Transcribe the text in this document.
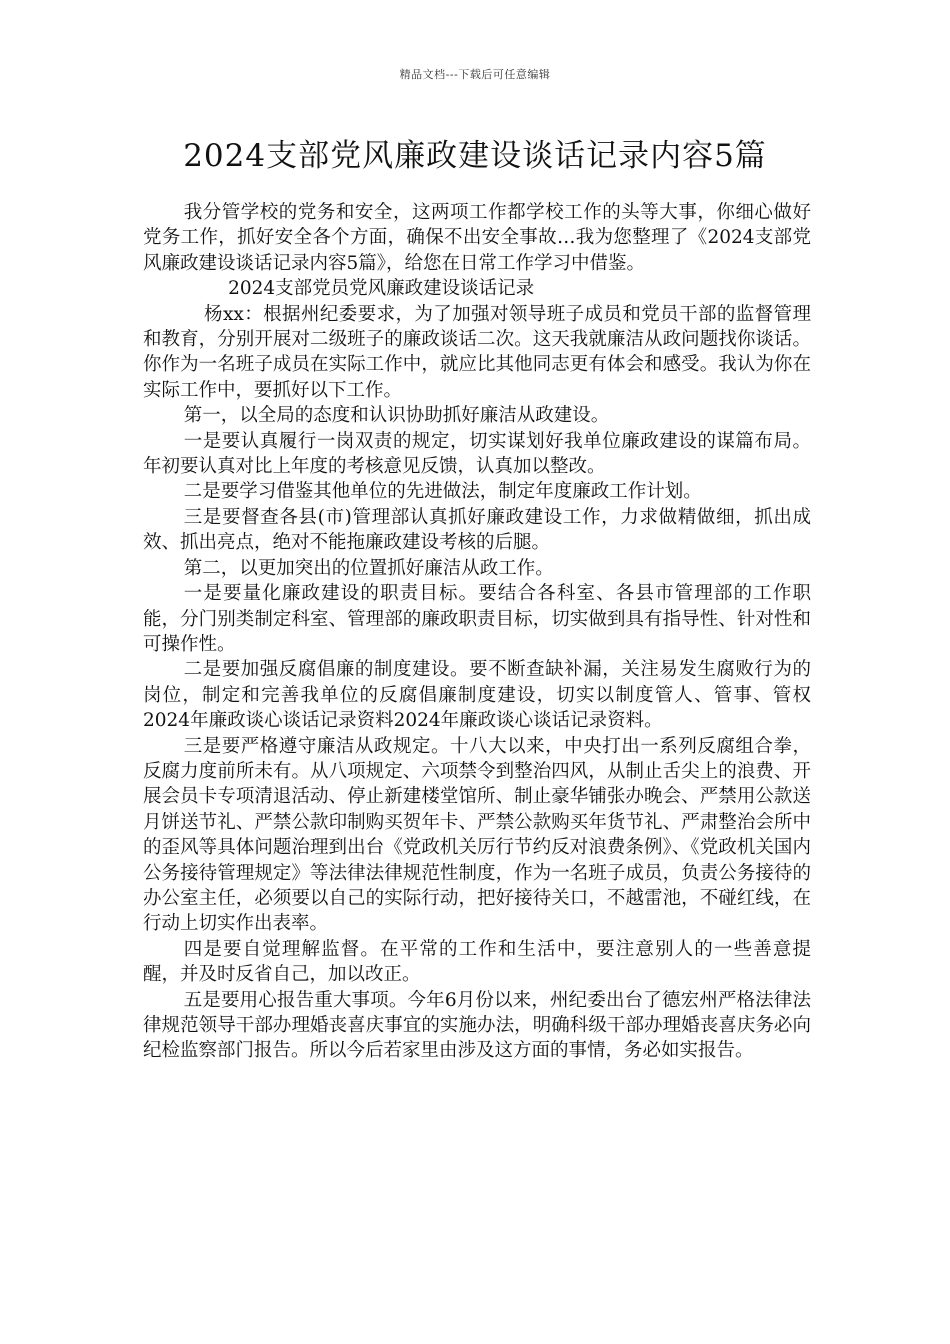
精品文档---下载后可任意编辑
2024支部党风廉政建设谈话记录内容5篇

我分管学校的党务和安全，这两项工作都学校工作的头等大事，你细心做好党务工作，抓好安全各个方面，确保不出安全事故…我为您整理了《2024支部党风廉政建设谈话记录内容5篇》，给您在日常工作学习中借鉴。

2024支部党员党风廉政建设谈话记录

杨xx：根据州纪委要求，为了加强对领导班子成员和党员干部的监督管理和教育，分别开展对二级班子的廉政谈话二次。这天我就廉洁从政问题找你谈话。你作为一名班子成员在实际工作中，就应比其他同志更有体会和感受。我认为你在实际工作中，要抓好以下工作。

第一，以全局的态度和认识协助抓好廉洁从政建设。

一是要认真履行一岗双责的规定，切实谋划好我单位廉政建设的谋篇布局。年初要认真对比上年度的考核意见反馈，认真加以整改。

二是要学习借鉴其他单位的先进做法，制定年度廉政工作计划。

三是要督查各县(市)管理部认真抓好廉政建设工作，力求做精做细，抓出成效、抓出亮点，绝对不能拖廉政建设考核的后腿。

第二，以更加突出的位置抓好廉洁从政工作。

一是要量化廉政建设的职责目标。要结合各科室、各县市管理部的工作职能，分门别类制定科室、管理部的廉政职责目标，切实做到具有指导性、针对性和可操作性。

二是要加强反腐倡廉的制度建设。要不断查缺补漏，关注易发生腐败行为的岗位，制定和完善我单位的反腐倡廉制度建设，切实以制度管人、管事、管权2024年廉政谈心谈话记录资料2024年廉政谈心谈话记录资料。

三是要严格遵守廉洁从政规定。十八大以来，中央打出一系列反腐组合拳，反腐力度前所未有。从八项规定、六项禁令到整治四风，从制止舌尖上的浪费、开展会员卡专项清退活动、停止新建楼堂馆所、制止豪华铺张办晚会、严禁用公款送月饼送节礼、严禁公款印制购买贺年卡、严禁公款购买年货节礼、严肃整治会所中的歪风等具体问题治理到出台《党政机关厉行节约反对浪费条例》、《党政机关国内公务接待管理规定》等法律法律规范性制度，作为一名班子成员，负责公务接待的办公室主任，必须要以自己的实际行动，把好接待关口，不越雷池，不碰红线，在行动上切实作出表率。

四是要自觉理解监督。在平常的工作和生活中，要注意别人的一些善意提醒，并及时反省自己，加以改正。

五是要用心报告重大事项。今年6月份以来，州纪委出台了德宏州严格法律法律规范领导干部办理婚丧喜庆事宜的实施办法，明确科级干部办理婚丧喜庆务必向纪检监察部门报告。所以今后若家里由涉及这方面的事情，务必如实报告。
